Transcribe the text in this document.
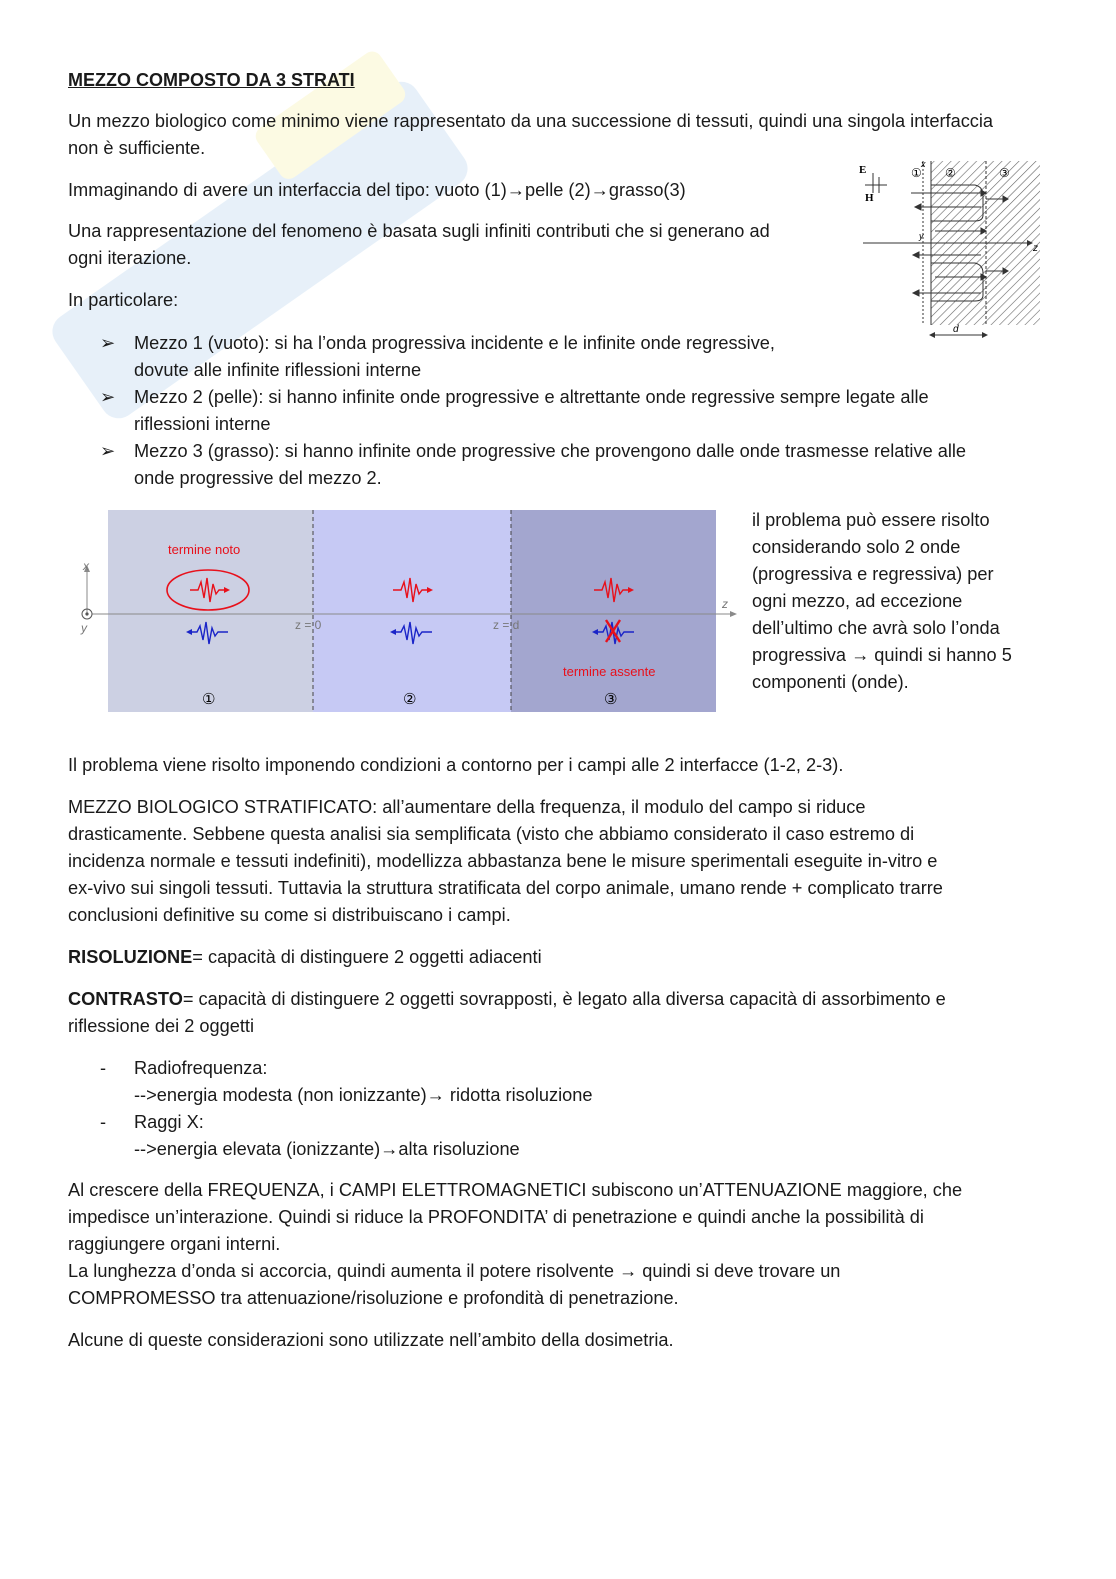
MEZZO COMPOSTO DA 3 STRATI

Un mezzo biologico come minimo viene rappresentato da una successione di tessuti, quindi una singola interfaccia non è sufficiente.

Immaginando di avere un interfaccia del tipo: vuoto (1)→pelle (2)→grasso(3)

Una rappresentazione del fenomeno è basata sugli infiniti contributi che si generano ad

ogni iterazione.

In particolare:

➢ Mezzo 1 (vuoto): si ha l’onda progressiva incidente e le infinite onde regressive,
dovute alle infinite riflessioni interne
➢ Mezzo 2 (pelle): si hanno infinite onde progressive e altrettante onde regressive sempre legate alle
riflessioni interne
➢ Mezzo 3 (grasso): si hanno infinite onde progressive che provengono dalle onde trasmesse relative alle
onde progressive del mezzo 2.
E
H
① ②	③
z
y
x
d
x
y
z
z = 0	z = d
termine noto
termine assente
①	②	③
il problema può essere risolto
considerando solo 2 onde
(progressiva e regressiva) per
ogni mezzo, ad eccezione
dell’ultimo che avrà solo l’onda
progressiva → quindi si hanno 5
componenti (onde).

Il problema viene risolto imponendo condizioni a contorno per i campi alle 2 interfacce (1-2, 2-3).

MEZZO BIOLOGICO STRATIFICATO: all’aumentare della frequenza, il modulo del campo si riduce
drasticamente. Sebbene questa analisi sia semplificata (visto che abbiamo considerato il caso estremo di
incidenza normale e tessuti indefiniti), modellizza abbastanza bene le misure sperimentali eseguite in-vitro e
ex-vivo sui singoli tessuti. Tuttavia la struttura stratificata del corpo animale, umano rende + complicato trarre
conclusioni definitive su come si distribuiscano i campi.

RISOLUZIONE= capacità di distinguere 2 oggetti adiacenti

CONTRASTO= capacità di distinguere 2 oggetti sovrapposti, è legato alla diversa capacità di assorbimento e
riflessione dei 2 oggetti
- Radiofrequenza:
-->energia modesta (non ionizzante)→ ridotta risoluzione
- Raggi X:
-->energia elevata (ionizzante)→alta risoluzione
Al crescere della FREQUENZA, i CAMPI ELETTROMAGNETICI subiscono un’ATTENUAZIONE maggiore, che
impedisce un’interazione. Quindi si riduce la PROFONDITA’ di penetrazione e quindi anche la possibilità di
raggiungere organi interni.
La lunghezza d’onda si accorcia, quindi aumenta il potere risolvente → quindi si deve trovare un
COMPROMESSO tra attenuazione/risoluzione e profondità di penetrazione.

Alcune di queste considerazioni sono utilizzate nell’ambito della dosimetria.
